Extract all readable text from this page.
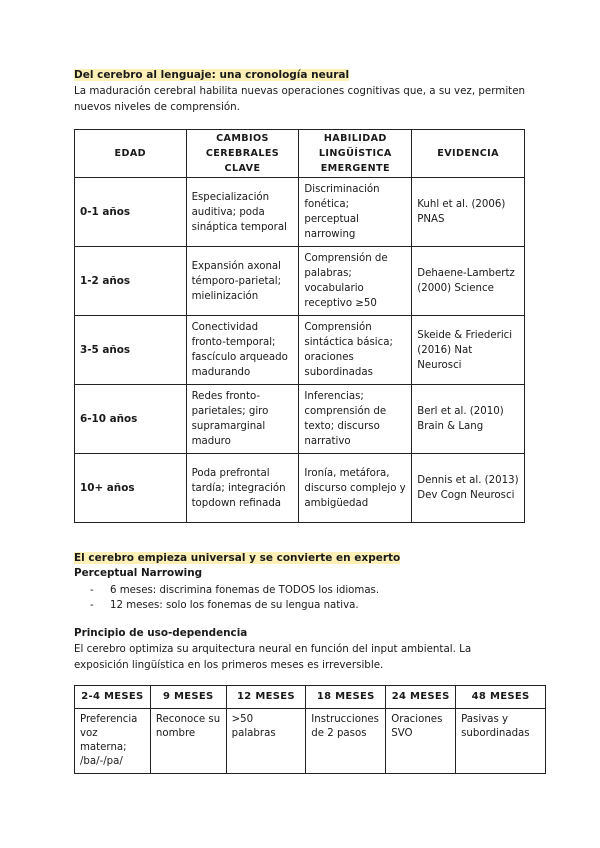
Del cerebro al lenguaje: una cronología neural

La maduración cerebral habilita nuevas operaciones cognitivas que, a su vez, permiten nuevos niveles de comprensión.

EDAD	CAMBIOS CEREBRALES CLAVE	HABILIDAD LINGÜÍSTICA EMERGENTE	EVIDENCIA
0-1 años	Especialización auditiva; poda sináptica temporal	Discriminación fonética; perceptual narrowing	Kuhl et al. (2006) PNAS
1-2 años	Expansión axonal témporo-parietal; mielinización	Comprensión de palabras; vocabulario receptivo ≥50	Dehaene-Lambertz (2000) Science
3-5 años	Conectividad fronto-temporal; fascículo arqueado madurando	Comprensión sintáctica básica; oraciones subordinadas	Skeide & Friederici (2016) Nat Neurosci
6-10 años	Redes fronto-parietales; giro supramarginal maduro	Inferencias; comprensión de texto; discurso narrativo	Berl et al. (2010) Brain & Lang
10+ años	Poda prefrontal tardía; integración topdown refinada	Ironía, metáfora, discurso complejo y ambigüedad	Dennis et al. (2013) Dev Cogn Neurosci

El cerebro empieza universal y se convierte en experto

Perceptual Narrowing

- 6 meses: discrimina fonemas de TODOS los idiomas.
- 12 meses: solo los fonemas de su lengua nativa.

Principio de uso-dependencia

El cerebro optimiza su arquitectura neural en función del input ambiental. La exposición lingüística en los primeros meses es irreversible.

2-4 MESES	9 MESES	12 MESES	18 MESES	24 MESES	48 MESES
Preferencia voz materna; /ba/-/pa/	Reconoce su nombre	>50 palabras	Instrucciones de 2 pasos	Oraciones SVO	Pasivas y subordinadas
